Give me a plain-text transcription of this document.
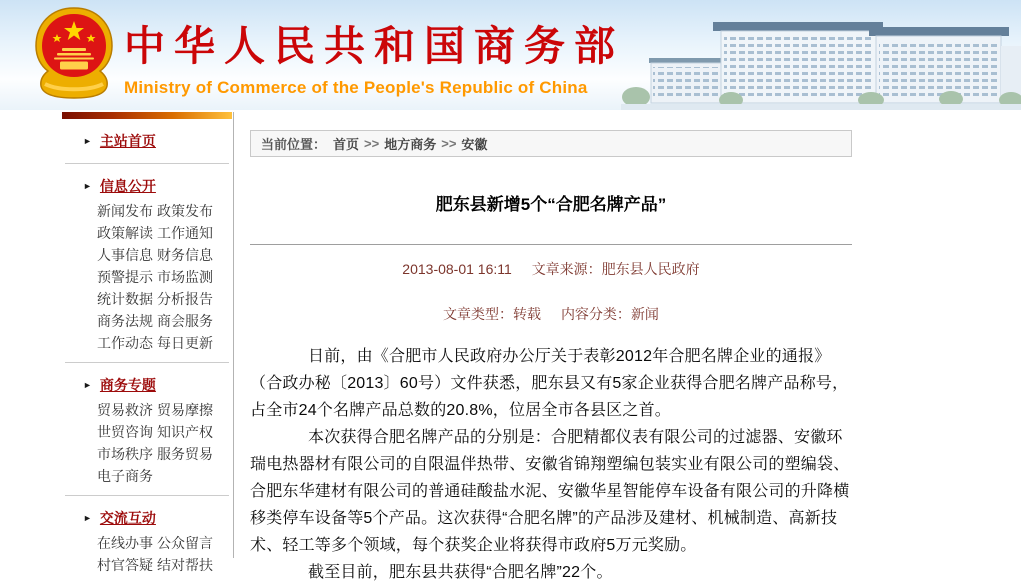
中华人民共和国商务部
Ministry of Commerce of the People's Republic of China
► 主站首页
► 信息公开
新闻发布 政策发布
政策解读 工作通知
人事信息 财务信息
预警提示 市场监测
统计数据 分析报告
商务法规 商会服务
工作动态 每日更新
► 商务专题
贸易救济 贸易摩擦
世贸咨询 知识产权
市场秩序 服务贸易
电子商务
► 交流互动
在线办事 公众留言
村官答疑 结对帮扶
当前位置： 首页 >> 地方商务 >> 安徽
肥东县新增5个“合肥名牌产品”
2013-08-01 16:11 文章来源：肥东县人民政府
文章类型：转载 内容分类：新闻

日前，由《合肥市人民政府办公厅关于表彰2012年合肥名牌企业的通报》（合政办秘〔2013〕60号）文件获悉，肥东县又有5家企业获得合肥名牌产品称号，占全市24个名牌产品总数的20.8%，位居全市各县区之首。

本次获得合肥名牌产品的分别是：合肥精都仪表有限公司的过滤器、安徽环瑞电热器材有限公司的自限温伴热带、安徽省锦翔塑编包装实业有限公司的塑编袋、合肥东华建材有限公司的普通硅酸盐水泥、安徽华星智能停车设备有限公司的升降横移类停车设备等5个产品。这次获得“合肥名牌”的产品涉及建材、机械制造、高新技术、轻工等多个领域，每个获奖企业将获得市政府5万元奖励。

截至目前，肥东县共获得“合肥名牌”22个。
